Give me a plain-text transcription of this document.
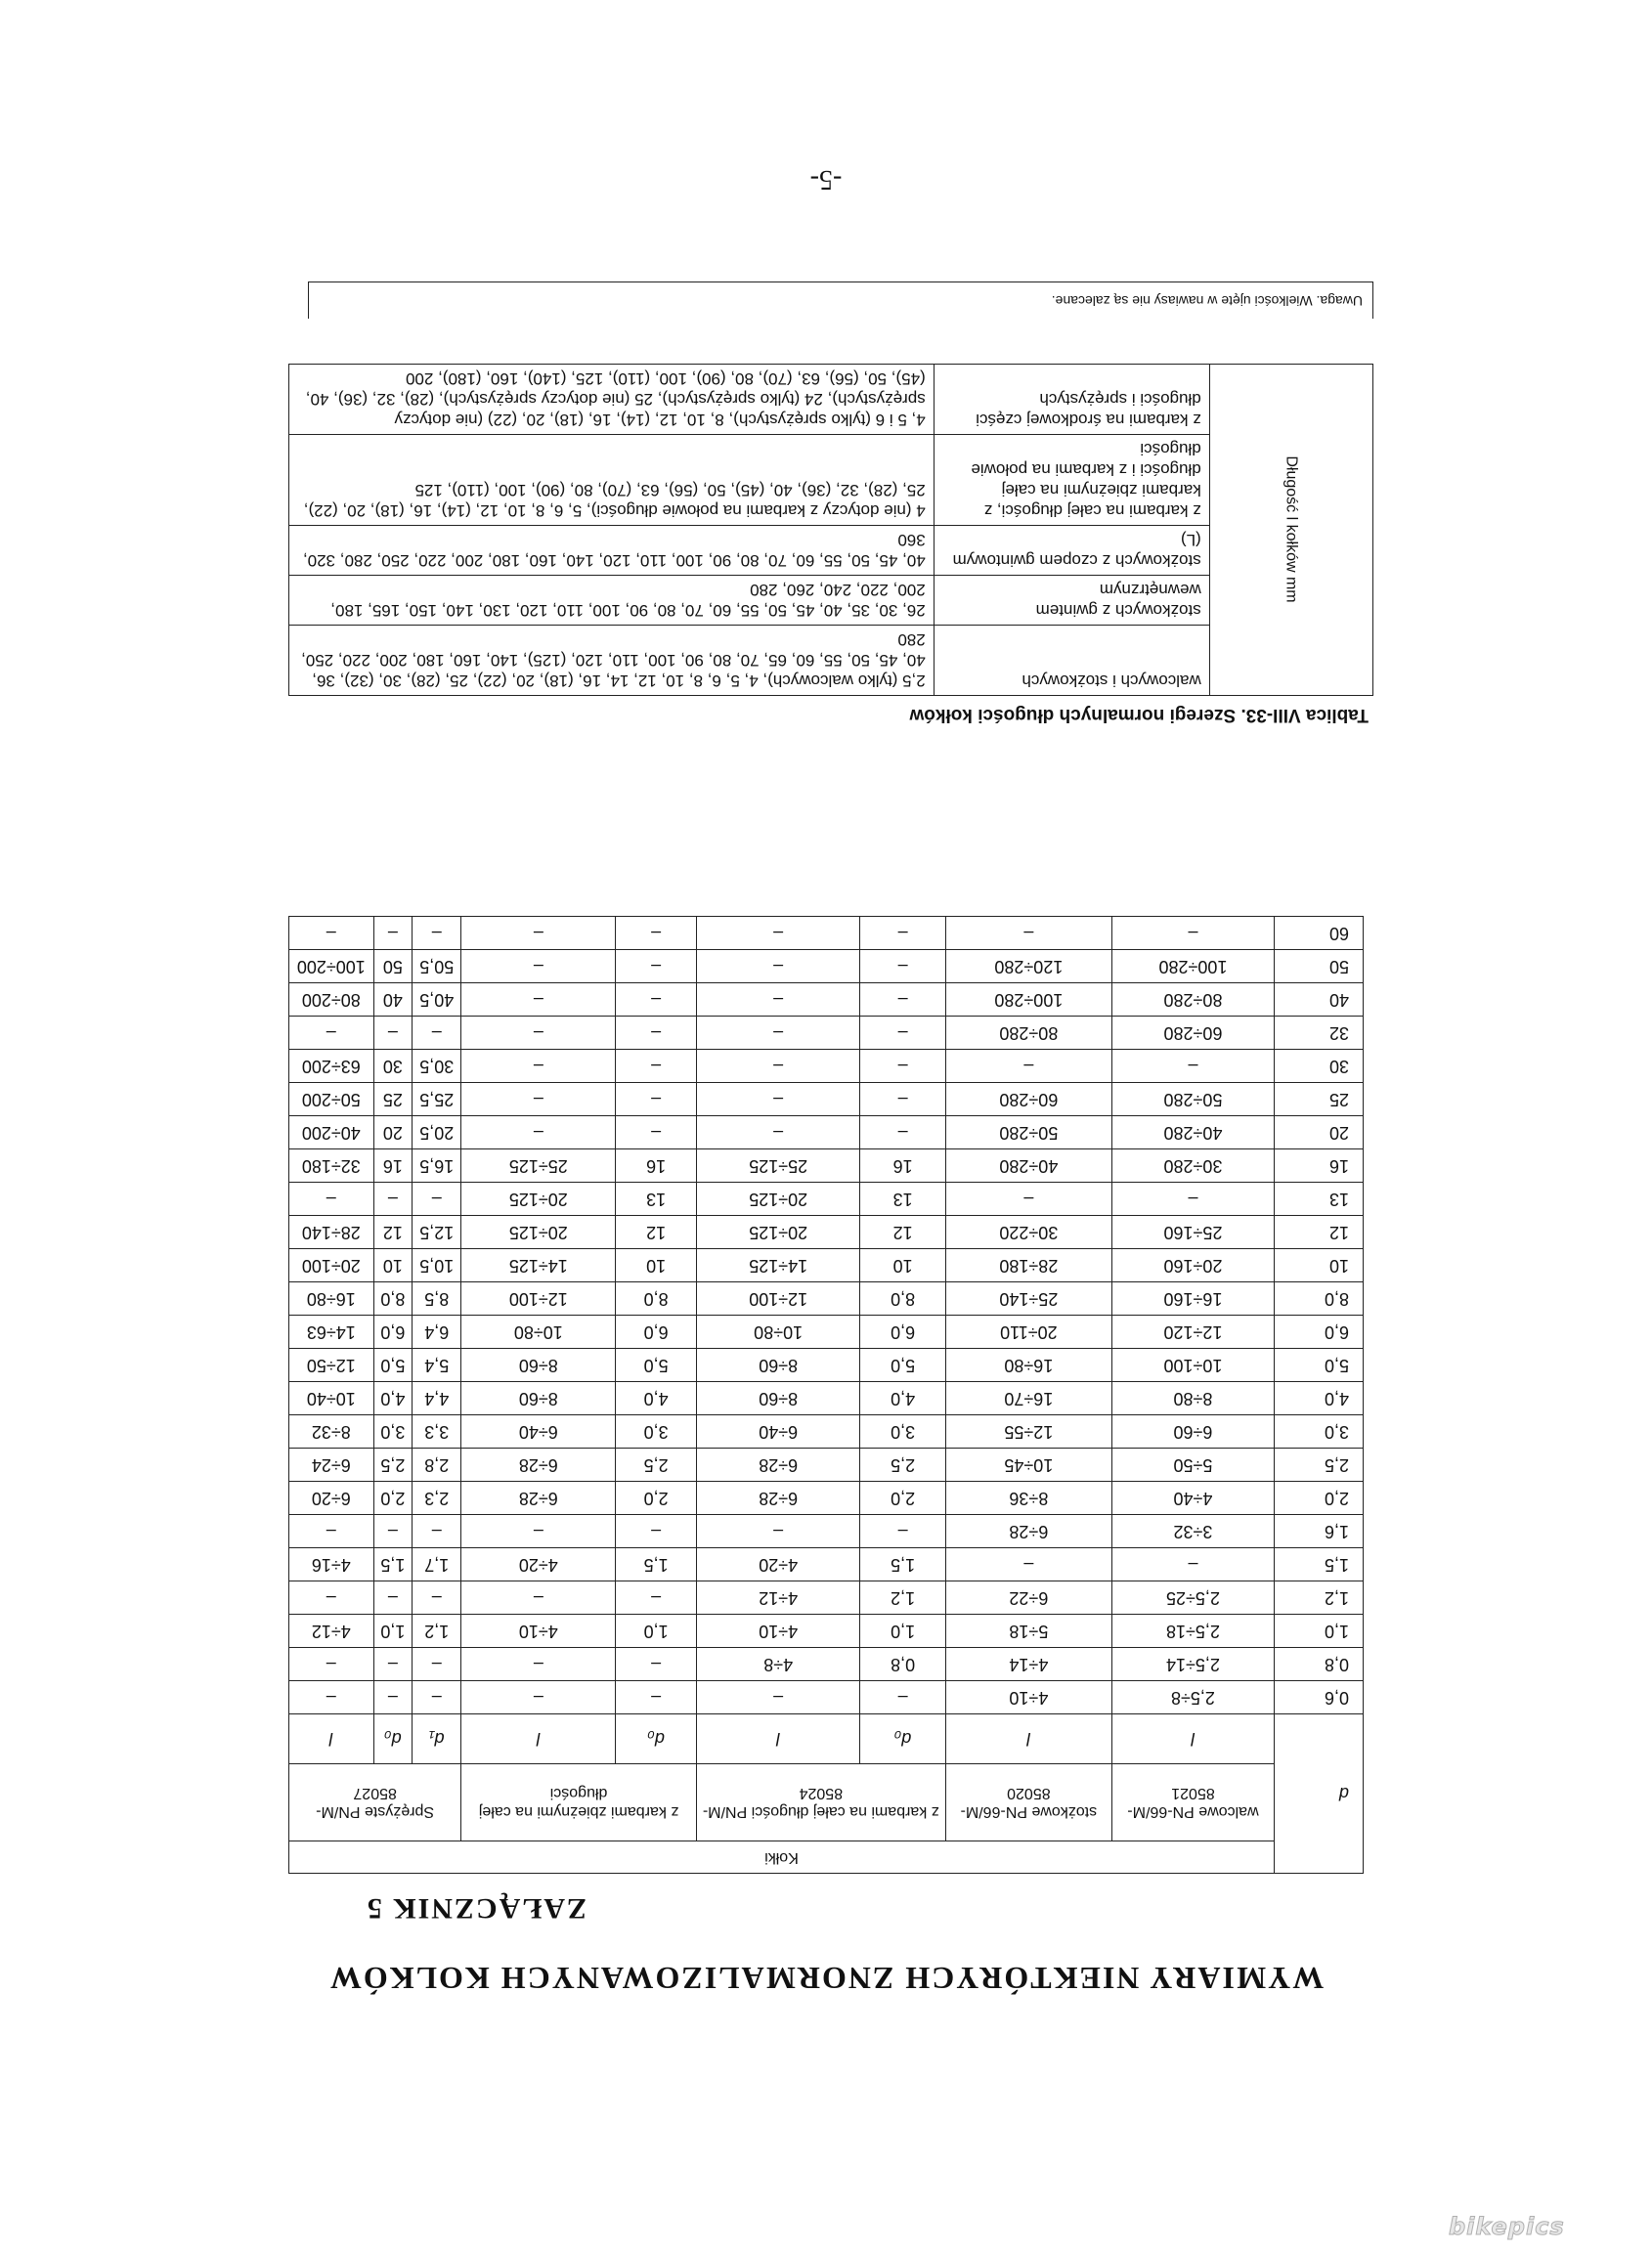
-5-
WYMIARY NIEKTÓRYCH ZNORMALIZOWANYCH KOLKÓW
ZAŁĄCZNIK 5
d	Kołki								
	walcowe PN-66/M-85021	stożkowe PN-66/M-85020	z karbami na całej długości PN/M-85024		z karbami zbieżnymi na całej długości		Sprężyste PN/M-85027		
	l	l	d₀	l	d₀	l	d₁	d₀	l
0,6	2,5÷8	4÷10	–	–	–	–	–	–	–
0,8	2,5÷14	4÷14	0,8	4÷8	–	–	–	–	–
1,0	2,5÷18	5÷18	1,0	4÷10	1,0	4÷10	1,2	1,0	4÷12
1,2	2,5÷25	6÷22	1,2	4÷12	–	–	–	–	–
1,5	–	–	1,5	4÷20	1,5	4÷20	1,7	1,5	4÷16
1,6	3÷32	6÷28	–	–	–	–	–	–	–
2,0	4÷40	8÷36	2,0	6÷28	2,0	6÷28	2,3	2,0	6÷20
2,5	5÷50	10÷45	2,5	6÷28	2,5	6÷28	2,8	2,5	6÷24
3,0	6÷60	12÷55	3,0	6÷40	3,0	6÷40	3,3	3,0	8÷32
4,0	8÷80	16÷70	4,0	8÷60	4,0	8÷60	4,4	4,0	10÷40
5,0	10÷100	16÷80	5,0	8÷60	5,0	8÷60	5,4	5,0	12÷50
6,0	12÷120	20÷110	6,0	10÷80	6,0	10÷80	6,4	6,0	14÷63
8,0	16÷160	25÷140	8,0	12÷100	8,0	12÷100	8,5	8,0	16÷80
10	20÷160	28÷180	10	14÷125	10	14÷125	10,5	10	20÷100
12	25÷160	30÷220	12	20÷125	12	20÷125	12,5	12	28÷140
13	–	–	13	20÷125	13	20÷125	–	–	–
16	30÷280	40÷280	16	25÷125	16	25÷125	16,5	16	32÷180
20	40÷280	50÷280	–	–	–	–	20,5	20	40÷200
25	50÷280	60÷280	–	–	–	–	25,5	25	50÷200
30	–	–	–	–	–	–	30,5	30	63÷200
32	60÷280	80÷280	–	–	–	–	–	–	–
40	80÷280	100÷280	–	–	–	–	40,5	40	80÷200
50	100÷280	120÷280	–	–	–	–	50,5	50	100÷200
60	–	–	–	–	–	–	–	–	–
Tablica VIII-33. Szeregi normalnych długości kołków
Długość l kołków mm	walcowych i stożkowych	2,5 (tylko walcowych), 4, 5, 6, 8, 10, 12, 14, 16, (18), 20, (22), 25, (28), 30, (32), 36, 40, 45, 50, 55, 60, 65, 70, 80, 90, 100, 110, 120, (125), 140, 160, 180, 200, 220, 250, 280
	stożkowych z gwintem wewnętrznym	26, 30, 35, 40, 45, 50, 55, 60, 70, 80, 90, 100, 110, 120, 130, 140, 150, 165, 180, 200, 220, 240, 260, 280
	stożkowych z czopem gwintowym (L)	40, 45, 50, 55, 60, 70, 80, 90, 100, 110, 120, 140, 160, 180, 200, 220, 250, 280, 320, 360
	z karbami na całej długości, z karbami zbieżnymi na całej długości i z karbami na połowie długości	4 (nie dotyczy z karbami na połowie długości), 5, 6, 8, 10, 12, (14), 16, (18), 20, (22), 25, (28), 32, (36), 40, (45), 50, (56), 63, (70), 80, (90), 100, (110), 125
	z karbami na środkowej części długości i sprężystych	4, 5 i 6 (tylko sprężystych), 8, 10, 12, (14), 16, (18), 20, (22) (nie dotyczy sprężystych), 24 (tylko sprężystych), 25 (nie dotyczy sprężystych), (28), 32, (36), 40, (45), 50, (56), 63, (70), 80, (90), 100, (110), 125, (140), 160, (180), 200
Uwaga. Wielkości ujęte w nawiasy nie są zalecane.
bikepics
